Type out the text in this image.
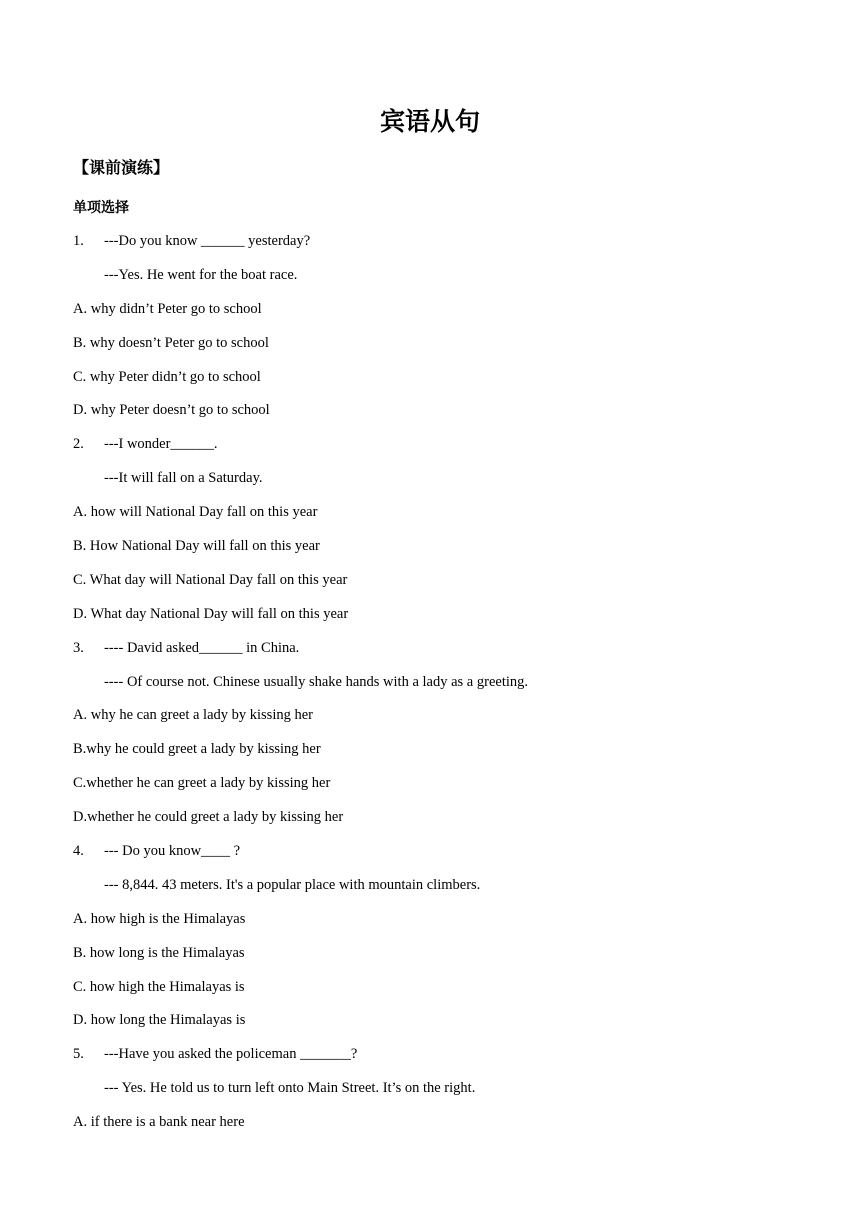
宾语从句
【课前演练】
单项选择
1. ---Do you know ______ yesterday?
---Yes. He went for the boat race.
A. why didn’t Peter go to school
B. why doesn’t Peter go to school
C. why Peter didn’t go to school
D. why Peter doesn’t go to school
2. ---I wonder______.
---It will fall on a Saturday.
A. how will National Day fall on this year
B. How National Day will fall on this year
C. What day will National Day fall on this year
D. What day National Day will fall on this year
3. ---- David asked______ in China.
---- Of course not. Chinese usually shake hands with a lady as a greeting.
A. why he can greet a lady by kissing her
B.why he could greet a lady by kissing her
C.whether he can greet a lady by kissing her
D.whether he could greet a lady by kissing her
4. --- Do you know____ ?
--- 8,844. 43 meters. It's a popular place with mountain climbers.
A. how high is the Himalayas
B. how long is the Himalayas
C. how high the Himalayas is
D. how long the Himalayas is
5. ---Have you asked the policeman _______?
--- Yes. He told us to turn left onto Main Street. It’s on the right.
A. if there is a bank near here
